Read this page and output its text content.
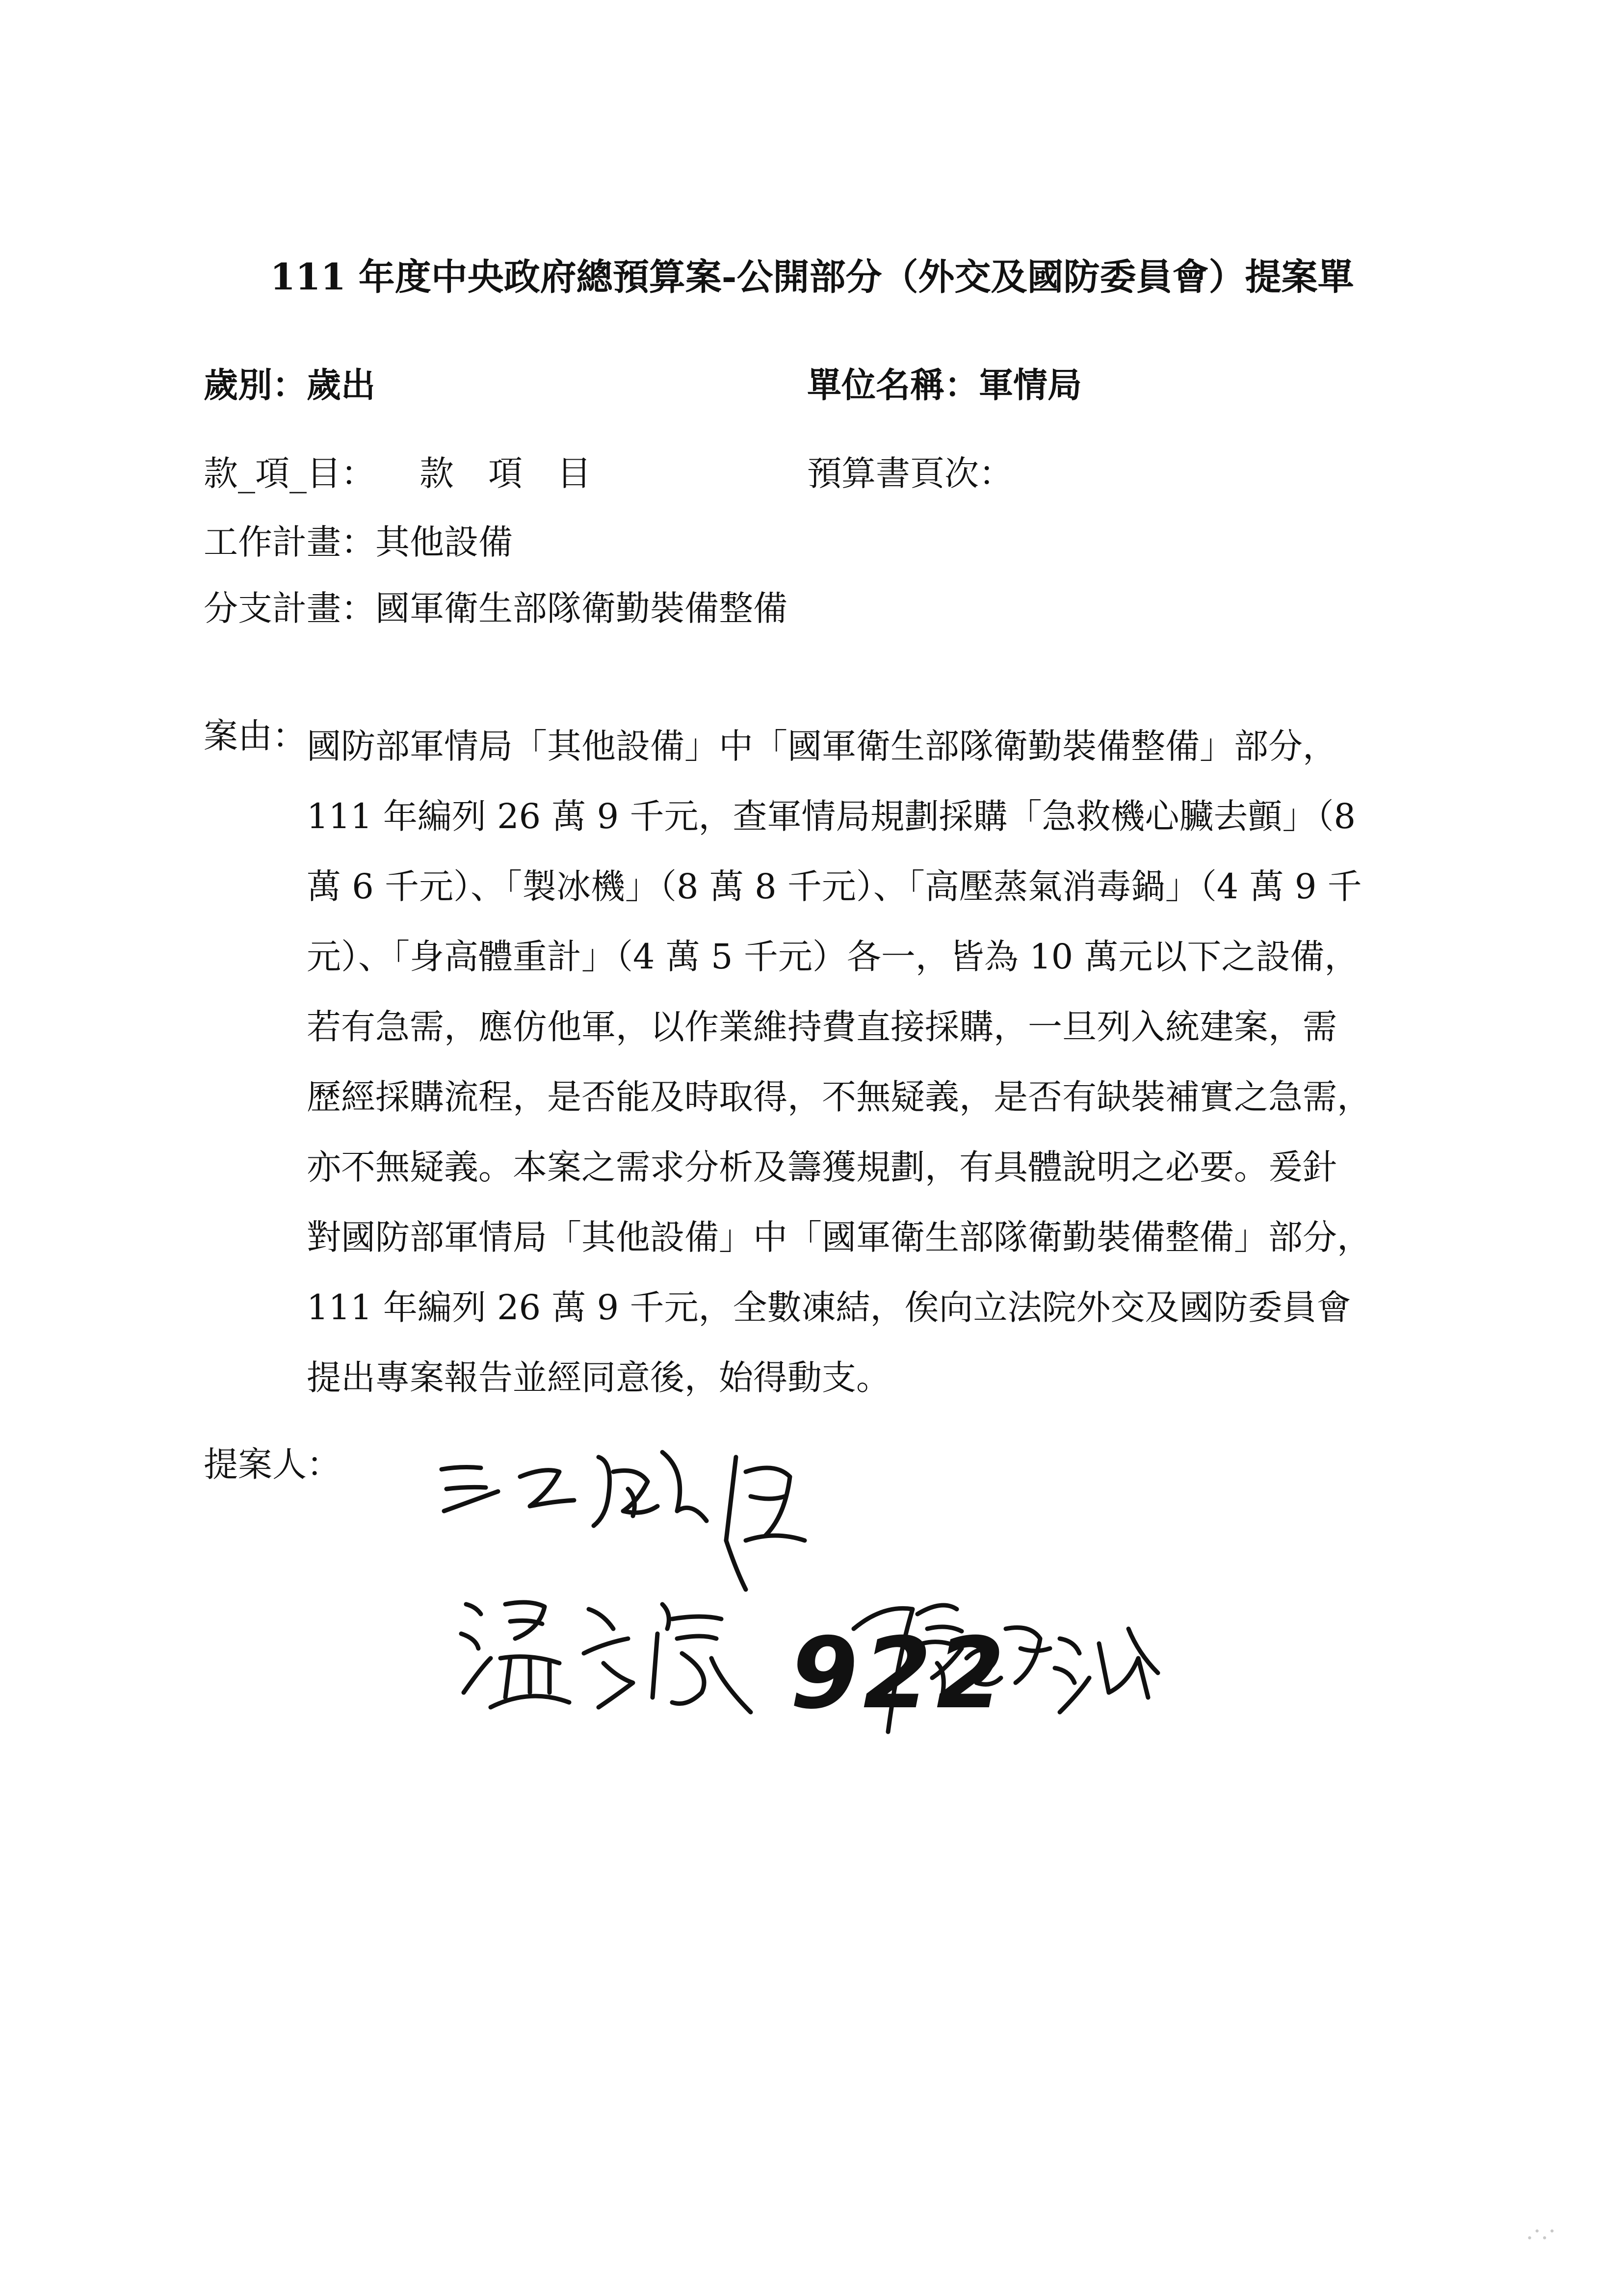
111 年度中央政府總預算案-公開部分（外交及國防委員會）提案單
歲別：歲出	單位名稱：軍情局
款_項_目： 款　項　目	預算書頁次：
工作計畫：其他設備
分支計畫：國軍衛生部隊衛勤裝備整備
案由： 國防部軍情局「其他設備」中「國軍衛生部隊衛勤裝備整備」部分，
111 年編列 26 萬 9 千元，查軍情局規劃採購「急救機心臟去顫」（8
萬 6 千元）、「製冰機」（8 萬 8 千元）、「高壓蒸氣消毒鍋」（4 萬 9 千
元）、「身高體重計」（4 萬 5 千元）各一，皆為 10 萬元以下之設備，
若有急需，應仿他軍，以作業維持費直接採購，一旦列入統建案，需
歷經採購流程，是否能及時取得，不無疑義，是否有缺裝補實之急需，
亦不無疑義。本案之需求分析及籌獲規劃，有具體說明之必要。爰針
對國防部軍情局「其他設備」中「國軍衛生部隊衛勤裝備整備」部分，
111 年編列 26 萬 9 千元，全數凍結，俟向立法院外交及國防委員會
提出專案報告並經同意後，始得動支。
提案人：
922
.·.·
